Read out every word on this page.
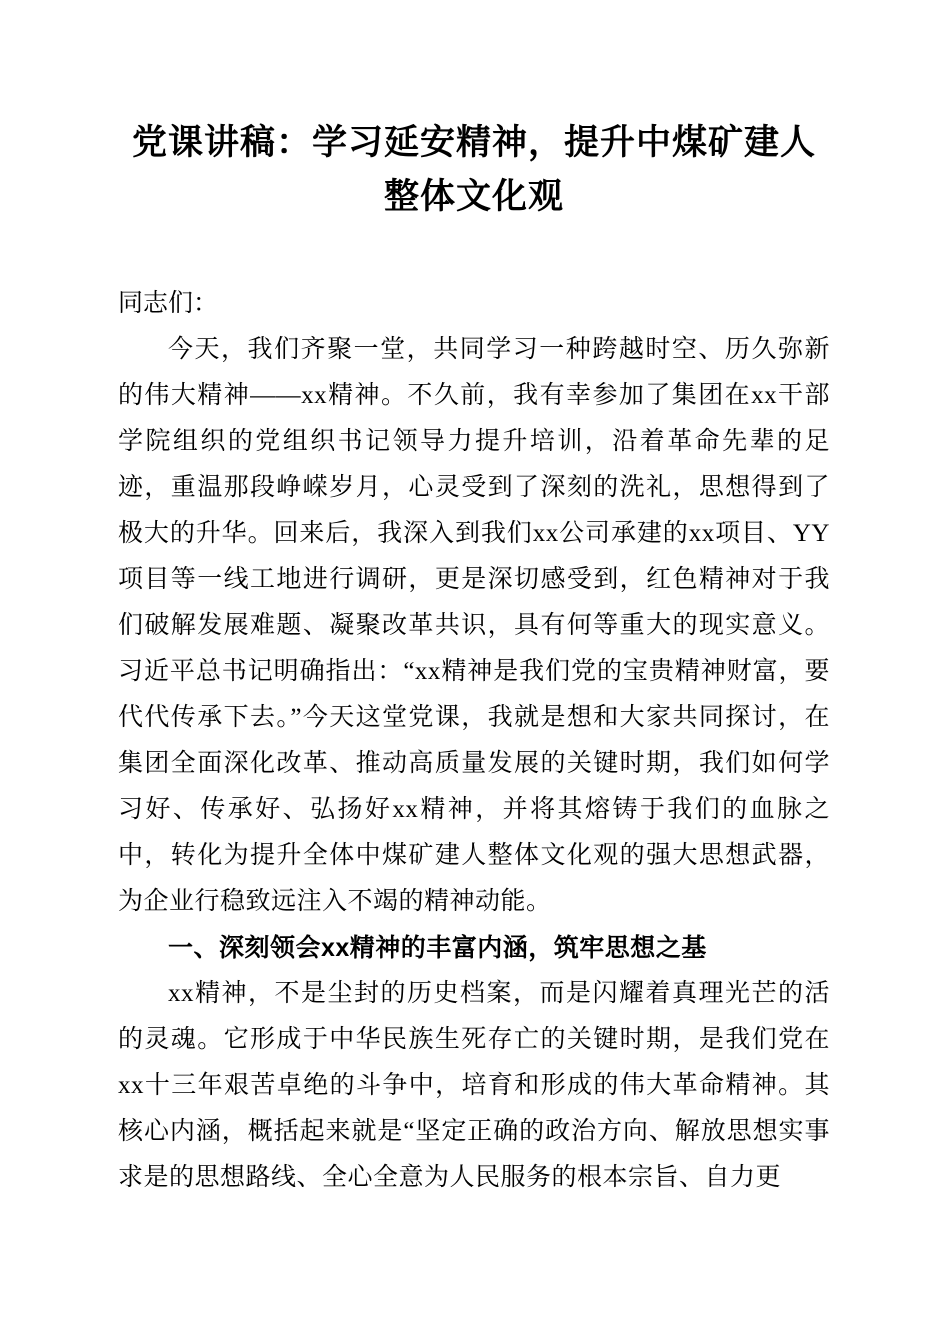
党课讲稿：学习延安精神，提升中煤矿建人整体文化观

同志们：

今天，我们齐聚一堂，共同学习一种跨越时空、历久弥新的伟大精神——xx精神。不久前，我有幸参加了集团在xx干部学院组织的党组织书记领导力提升培训，沿着革命先辈的足迹，重温那段峥嵘岁月，心灵受到了深刻的洗礼，思想得到了极大的升华。回来后，我深入到我们xx公司承建的xx项目、YY项目等一线工地进行调研，更是深切感受到，红色精神对于我们破解发展难题、凝聚改革共识，具有何等重大的现实意义。习近平总书记明确指出：“xx精神是我们党的宝贵精神财富，要代代传承下去。”今天这堂党课，我就是想和大家共同探讨，在集团全面深化改革、推动高质量发展的关键时期，我们如何学习好、传承好、弘扬好xx精神，并将其熔铸于我们的血脉之中，转化为提升全体中煤矿建人整体文化观的强大思想武器，为企业行稳致远注入不竭的精神动能。

一、深刻领会xx精神的丰富内涵，筑牢思想之基

xx精神，不是尘封的历史档案，而是闪耀着真理光芒的活的灵魂。它形成于中华民族生死存亡的关键时期，是我们党在xx十三年艰苦卓绝的斗争中，培育和形成的伟大革命精神。其核心内涵，概括起来就是“坚定正确的政治方向、解放思想实事求是的思想路线、全心全意为人民服务的根本宗旨、自力更
